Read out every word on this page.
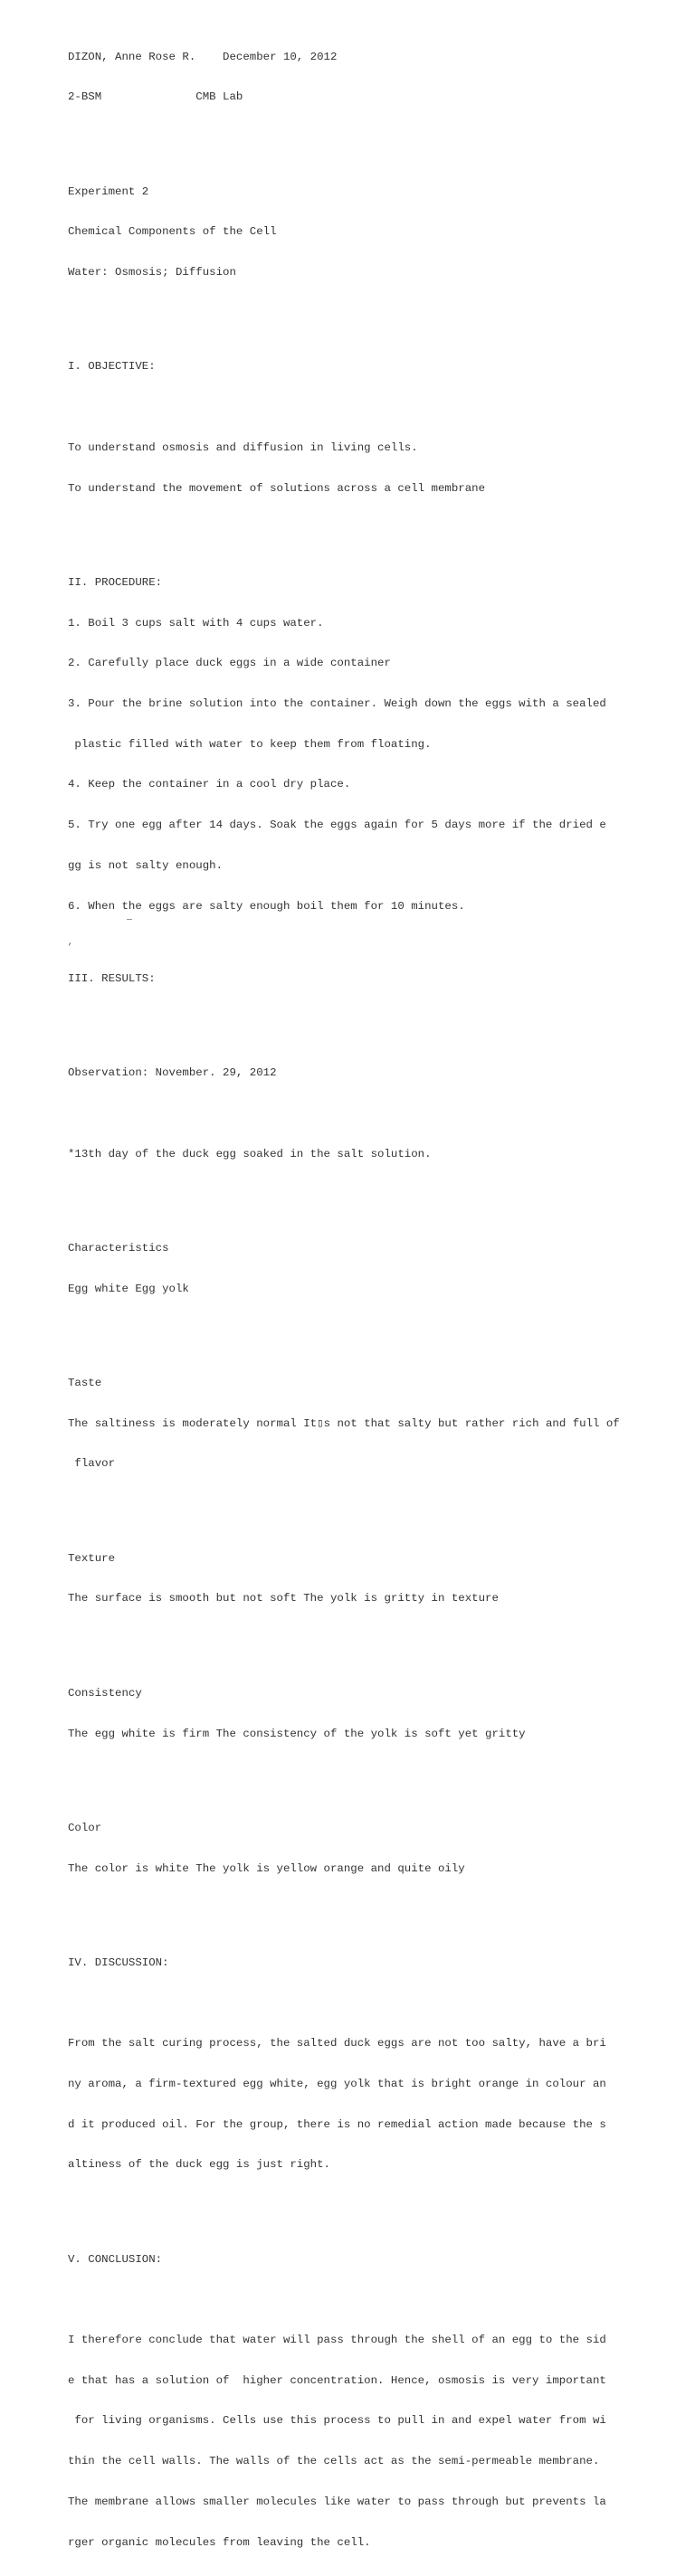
DIZON, Anne Rose R.    December 10, 2012

2-BSM              CMB Lab

Experiment 2

Chemical Components of the Cell

Water: Osmosis; Diffusion

I. OBJECTIVE:

To understand osmosis and diffusion in living cells.

To understand the movement of solutions across a cell membrane

II. PROCEDURE:

1. Boil 3 cups salt with 4 cups water.

2. Carefully place duck eggs in a wide container

3. Pour the brine solution into the container. Weigh down the eggs with a sealed

plastic filled with water to keep them from floating.

4. Keep the container in a cool dry place.

5. Try one egg after 14 days. Soak the eggs again for 5 days more if the dried e

gg is not salty enough.

6. When the eggs are salty enough boil them for 10 minutes.

,

III. RESULTS:

Observation: November. 29, 2012

*13th day of the duck egg soaked in the salt solution.

Characteristics

Egg white Egg yolk

Taste

The saltiness is moderately normal It▯s not that salty but rather rich and full of

flavor

Texture

The surface is smooth but not soft The yolk is gritty in texture

Consistency

The egg white is firm The consistency of the yolk is soft yet gritty

Color

The color is white The yolk is yellow orange and quite oily

IV. DISCUSSION:

From the salt curing process, the salted duck eggs are not too salty, have a bri

ny aroma, a firm-textured egg white, egg yolk that is bright orange in colour an

d it produced oil. For the group, there is no remedial action made because the s

altiness of the duck egg is just right.

V. CONCLUSION:

I therefore conclude that water will pass through the shell of an egg to the sid

e that has a solution of  higher concentration. Hence, osmosis is very important

for living organisms. Cells use this process to pull in and expel water from wi

thin the cell walls. The walls of the cells act as the semi-permeable membrane.

The membrane allows smaller molecules like water to pass through but prevents la

rger organic molecules from leaving the cell.
